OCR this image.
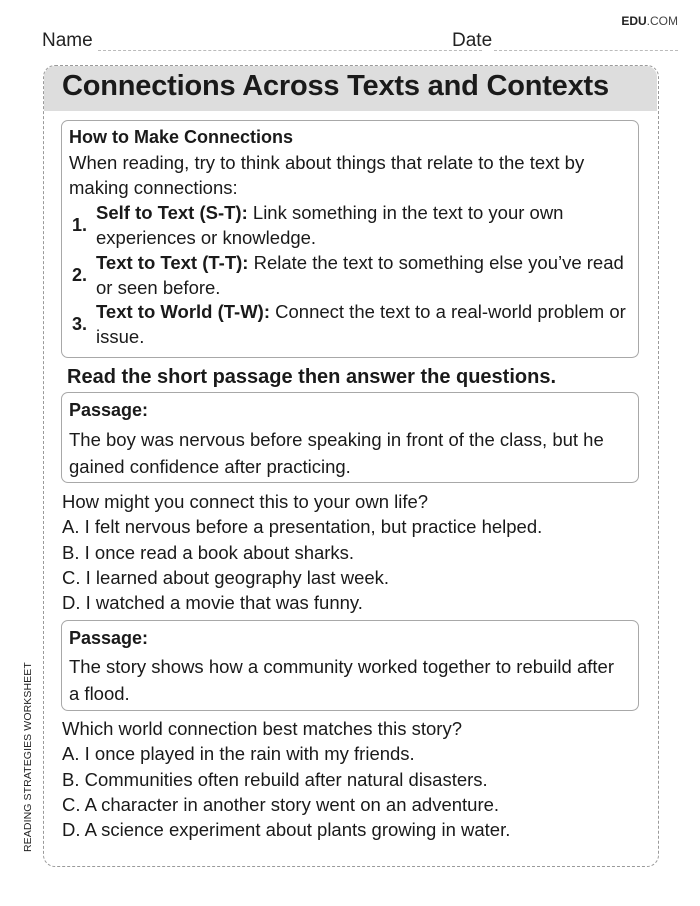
EDU.COM
Name	Date
Connections Across Texts and Contexts
How to Make Connections
When reading, try to think about things that relate to the text by making connections:
1.
Self to Text (S-T): Link something in the text to your own experiences or knowledge.
2.
Text to Text (T-T): Relate the text to something else you’ve read or seen before.
3.
Text to World (T-W): Connect the text to a real-world problem or issue.
Read the short passage then answer the questions.
Passage:
The boy was nervous before speaking in front of the class, but he gained confidence after practicing.
How might you connect this to your own life?
A. I felt nervous before a presentation, but practice helped.
B. I once read a book about sharks.
C. I learned about geography last week.
D. I watched a movie that was funny.
Passage:
The story shows how a community worked together to rebuild after a flood.
Which world connection best matches this story?
A. I once played in the rain with my friends.
B. Communities often rebuild after natural disasters.
C. A character in another story went on an adventure.
D. A science experiment about plants growing in water.
READING STRATEGIES WORKSHEET
